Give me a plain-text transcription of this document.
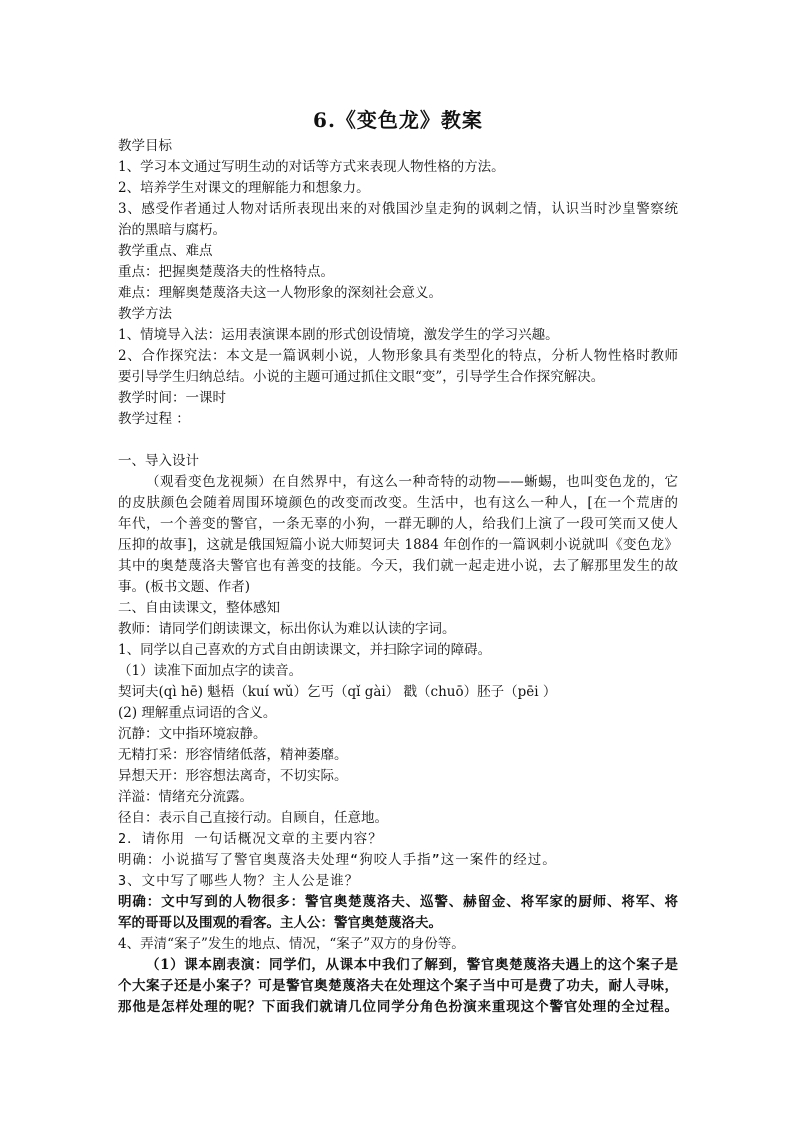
6.《变色龙》教案
教学目标
1、学习本文通过写明生动的对话等方式来表现人物性格的方法。
2、培养学生对课文的理解能力和想象力。
3、感受作者通过人物对话所表现出来的对俄国沙皇走狗的讽刺之情，认识当时沙皇警察统
治的黑暗与腐朽。
教学重点、难点
重点：把握奥楚蔑洛夫的性格特点。
难点：理解奥楚蔑洛夫这一人物形象的深刻社会意义。
教学方法
1、情境导入法：运用表演课本剧的形式创设情境，激发学生的学习兴趣。
2、合作探究法：本文是一篇讽刺小说，人物形象具有类型化的特点，分析人物性格时教师
要引导学生归纳总结。小说的主题可通过抓住文眼“变”，引导学生合作探究解决。
教学时间：一课时
教学过程 ：
一、导入设计
（观看变色龙视频）在自然界中，有这么一种奇特的动物——蜥蜴，也叫变色龙的，它
的皮肤颜色会随着周围环境颜色的改变而改变。生活中，也有这么一种人，[在一个荒唐的
年代，一个善变的警官，一条无辜的小狗，一群无聊的人，给我们上演了一段可笑而又使人
压抑的故事]，这就是俄国短篇小说大师契诃夫 1884 年创作的一篇讽刺小说就叫《变色龙》
其中的奥楚蔑洛夫警官也有善变的技能。今天，我们就一起走进小说，去了解那里发生的故
事。(板书文题、作者)
二、自由读课文，整体感知
教师：请同学们朗读课文，标出你认为难以认读的字词。
1、同学以自己喜欢的方式自由朗读课文，并扫除字词的障碍。
（1）读准下面加点字的读音。
契诃夫(qì hē) 魁梧（kuí wǔ）乞丐（qǐ gài） 戳（chuō）胚子（pēi ）
(2) 理解重点词语的含义。
沉静：文中指环境寂静。
无精打采：形容情绪低落，精神萎靡。
异想天开：形容想法离奇，不切实际。
洋溢：情绪充分流露。
径自：表示自己直接行动。自顾自，任意地。
2．请你用 一句话概况文章的主要内容？
明确：小说描写了警官奥蔑洛夫处理“狗咬人手指”这一案件的经过。
3、文中写了哪些人物？主人公是谁？
明确：文中写到的人物很多：警官奥楚蔑洛夫、巡警、赫留金、将军家的厨师、将军、将
军的哥哥以及围观的看客。主人公：警官奥楚蔑洛夫。
4、弄清“案子”发生的地点、情况，“案子”双方的身份等。
（1）课本剧表演：同学们，从课本中我们了解到，警官奥楚蔑洛夫遇上的这个案子是
个大案子还是小案子？可是警官奥楚蔑洛夫在处理这个案子当中可是费了功夫，耐人寻味，
那他是怎样处理的呢？下面我们就请几位同学分角色扮演来重现这个警官处理的全过程。
